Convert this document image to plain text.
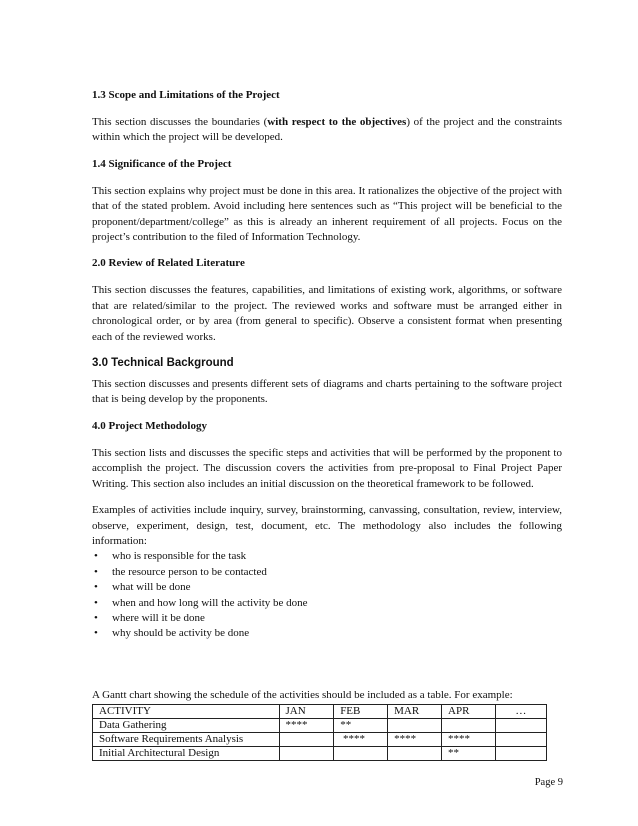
1.3 Scope and Limitations of the Project

This section discusses the boundaries (with respect to the objectives) of the project and the constraints within which the project will be developed.

1.4 Significance of the Project

This section explains why project must be done in this area. It rationalizes the objective of the project with that of the stated problem. Avoid including here sentences such as “This project will be beneficial to the proponent/department/college” as this is already an inherent requirement of all projects. Focus on the project’s contribution to the filed of Information Technology.

2.0 Review of Related Literature

This section discusses the features, capabilities, and limitations of existing work, algorithms, or software that are related/similar to the project. The reviewed works and software must be arranged either in chronological order, or by area (from general to specific). Observe a consistent format when presenting each of the reviewed works.

3.0 Technical Background

This section discusses and presents different sets of diagrams and charts pertaining to the software project that is being develop by the proponents.

4.0 Project Methodology

This section lists and discusses the specific steps and activities that will be performed by the proponent to accomplish the project. The discussion covers the activities from pre-proposal to Final Project Paper Writing. This section also includes an initial discussion on the theoretical framework to be followed.

Examples of activities include inquiry, survey, brainstorming, canvassing, consultation, review, interview, observe, experiment, design, test, document, etc. The methodology also includes the following information:

• who is responsible for the task
• the resource person to be contacted
• what will be done
• when and how long will the activity be done
• where will it be done
• why should be activity be done
A Gantt chart showing the schedule of the activities should be included as a table. For example:
ACTIVITY	JAN	FEB	MAR	APR	…
Data Gathering	****	**			
Software Requirements Analysis		****	****	****	
Initial Architectural Design				**	
Page 9
